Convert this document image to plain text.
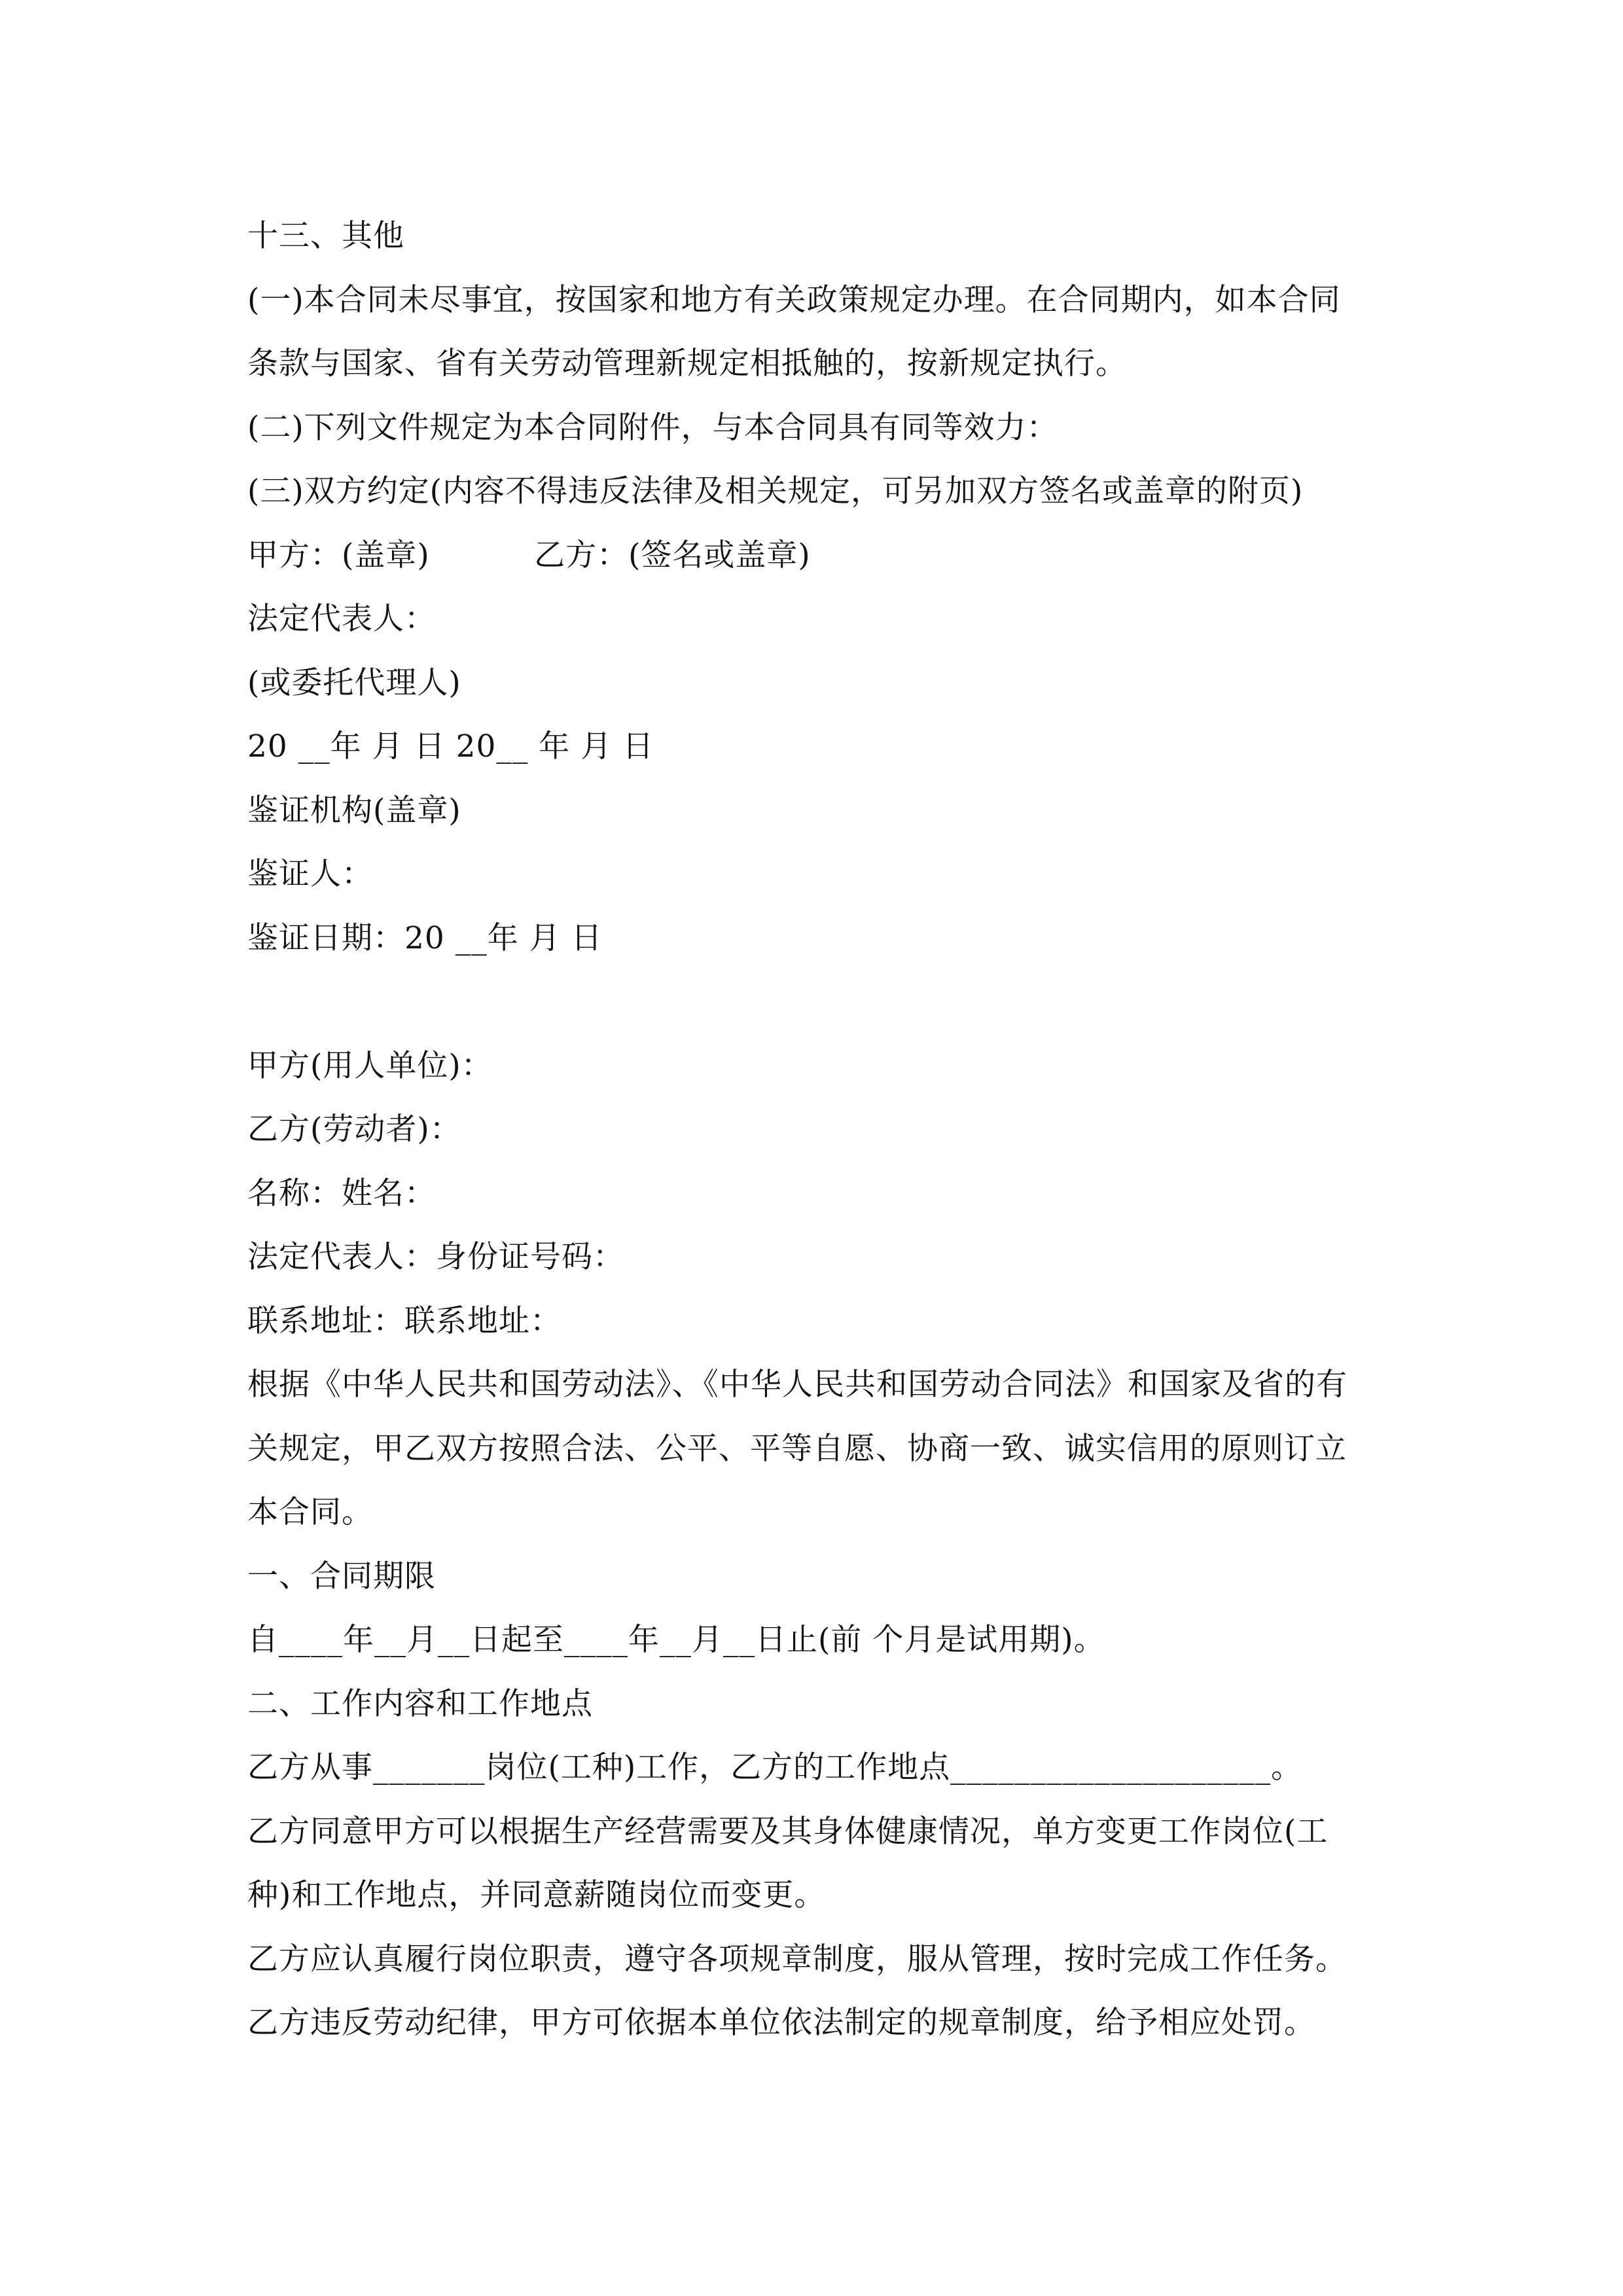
十三、其他
(一)本合同未尽事宜，按国家和地方有关政策规定办理。在合同期内，如本合同
条款与国家、省有关劳动管理新规定相抵触的，按新规定执行。
(二)下列文件规定为本合同附件，与本合同具有同等效力：
(三)双方约定(内容不得违反法律及相关规定，可另加双方签名或盖章的附页)
甲方：(盖章)          乙方：(签名或盖章)
法定代表人：
(或委托代理人)
20 __年 月 日 20__ 年 月 日
鉴证机构(盖章)
鉴证人：
鉴证日期：20 __年 月 日
甲方(用人单位)：
乙方(劳动者)：
名称：姓名：
法定代表人：身份证号码：
联系地址：联系地址：
根据《中华人民共和国劳动法》、《中华人民共和国劳动合同法》和国家及省的有
关规定，甲乙双方按照合法、公平、平等自愿、协商一致、诚实信用的原则订立
本合同。
一、合同期限
自____年__月__日起至____年__月__日止(前 个月是试用期)。
二、工作内容和工作地点
乙方从事_______岗位(工种)工作，乙方的工作地点____________________。
乙方同意甲方可以根据生产经营需要及其身体健康情况，单方变更工作岗位(工
种)和工作地点，并同意薪随岗位而变更。
乙方应认真履行岗位职责，遵守各项规章制度，服从管理，按时完成工作任务。
乙方违反劳动纪律，甲方可依据本单位依法制定的规章制度，给予相应处罚。
